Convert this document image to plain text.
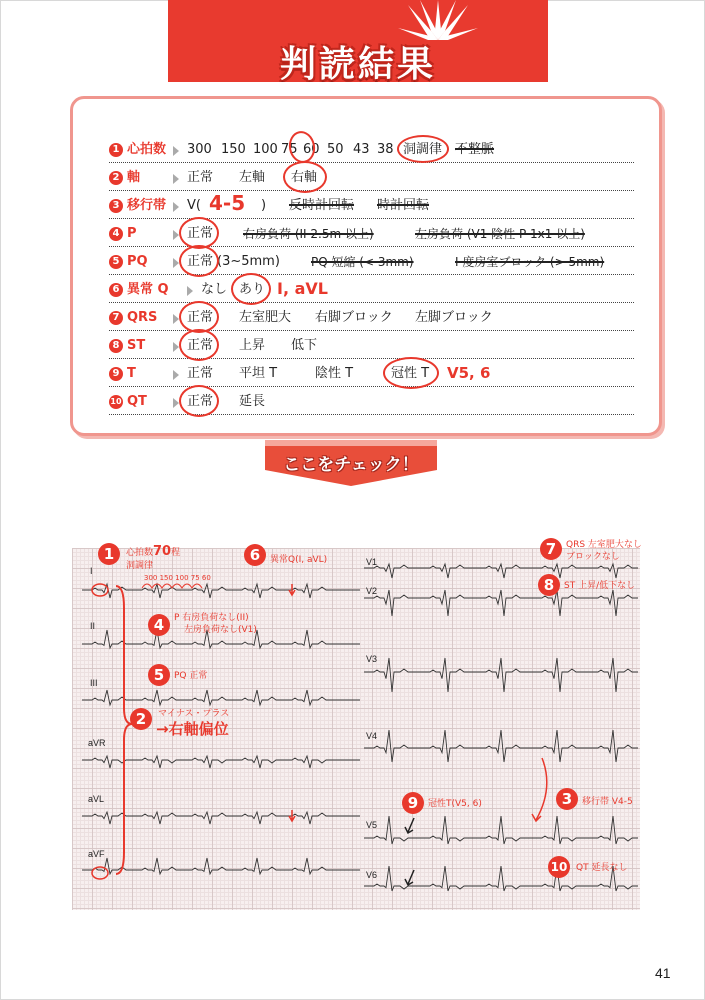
判読結果
1 心拍数 300 150 100 75 60 50 43 38 洞調律 不整脈
2 軸	正常 左軸 右軸
3 移行帯 V( 4-5 ) 反時計回転 時計回転
4 P	正常 右房負荷 (II 2.5m 以上)	左房負荷 (V1 陰性 P 1x1 以上)
5 PQ	正常 (3~5mm)	PQ 短縮 (< 3mm)	I 度房室ブロック (> 5mm)
6 異常 Q なし あり I, aVL
7 QRS 正常 左室肥大 右脚ブロック 左脚ブロック
8 ST	正常 上昇 低下
9 T	正常 平坦 T	陰性 T	冠性 T V5, 6
10 QT	正常 延長
ここをチェック！
I
II
III
aVR
aVL
aVF
V1
V2
V3
V4
V5
V6
1
2
3
4
5
6	7
8
9
10
心拍数70程
洞調律
300 150 100 75 60
マイナス・プラス
→右軸偏位
移行帯 V4-5
P 右房負荷なし(II)
左房負荷なし(V1)
PQ 正常
異常Q(I, aVL)
QRS 左室肥大なし
ブロックなし
ST 上昇/低下なし
冠性T(V5, 6)
QT 延長なし
41
